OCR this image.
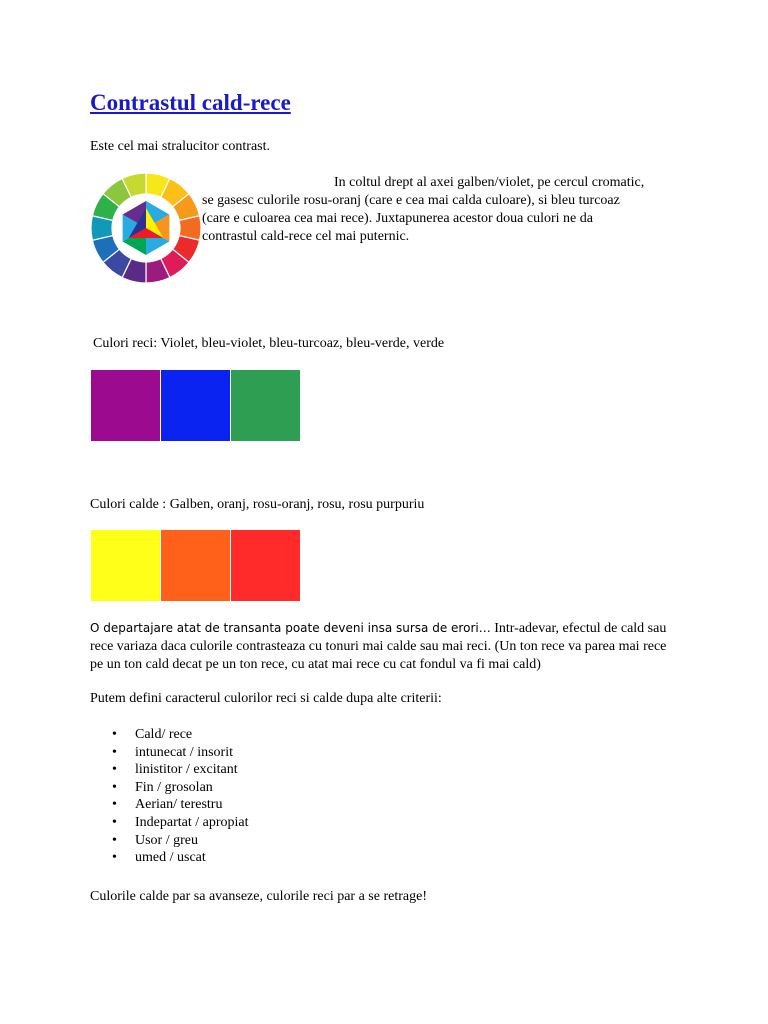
Contrastul cald-rece
Este cel mai stralucitor contrast.
In coltul drept al axei galben/violet, pe cercul cromatic,
se gasesc culorile rosu-oranj (care e cea mai calda culoare), si bleu turcoaz
(care e culoarea cea mai rece). Juxtapunerea acestor doua culori ne da
contrastul cald-rece cel mai puternic.
Culori reci: Violet, bleu-violet, bleu-turcoaz, bleu-verde, verde
Culori calde : Galben, oranj, rosu-oranj, rosu, rosu purpuriu
O departajare atat de transanta poate deveni insa sursa de erori… Intr-adevar, efectul de cald sau rece variaza daca culorile contrasteaza cu tonuri mai calde sau mai reci. (Un ton rece va parea mai rece pe un ton cald decat pe un ton rece, cu atat mai rece cu cat fondul va fi mai cald)
Putem defini caracterul culorilor reci si calde dupa alte criterii:
• Cald/ rece
• intunecat / insorit
• linistitor / excitant
• Fin / grosolan
• Aerian/ terestru
• Indepartat / apropiat
• Usor / greu
• umed / uscat
Culorile calde par sa avanseze, culorile reci par a se retrage!
